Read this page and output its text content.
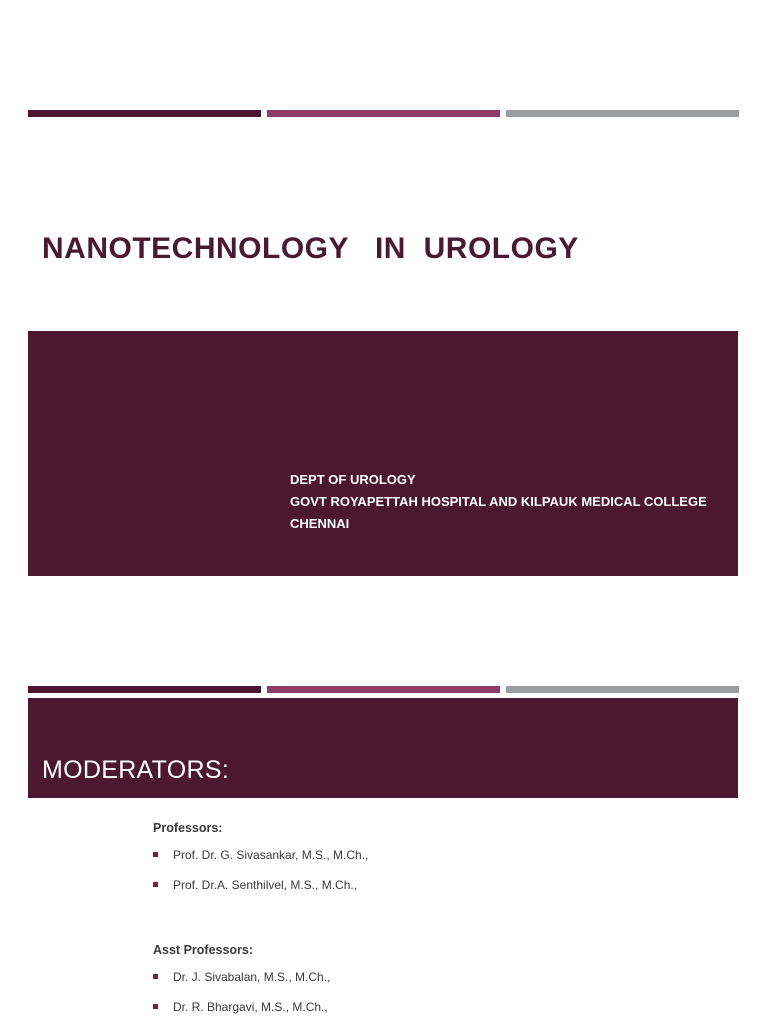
NANOTECHNOLOGY   IN  UROLOGY
DEPT OF UROLOGY
GOVT ROYAPETTAH HOSPITAL AND KILPAUK MEDICAL COLLEGE
CHENNAI
MODERATORS:
Professors:
Prof. Dr. G. Sivasankar, M.S., M.Ch.,
Prof. Dr.A. Senthilvel, M.S., M.Ch.,
Asst Professors:
Dr. J. Sivabalan, M.S., M.Ch.,
Dr. R. Bhargavi, M.S., M.Ch.,
